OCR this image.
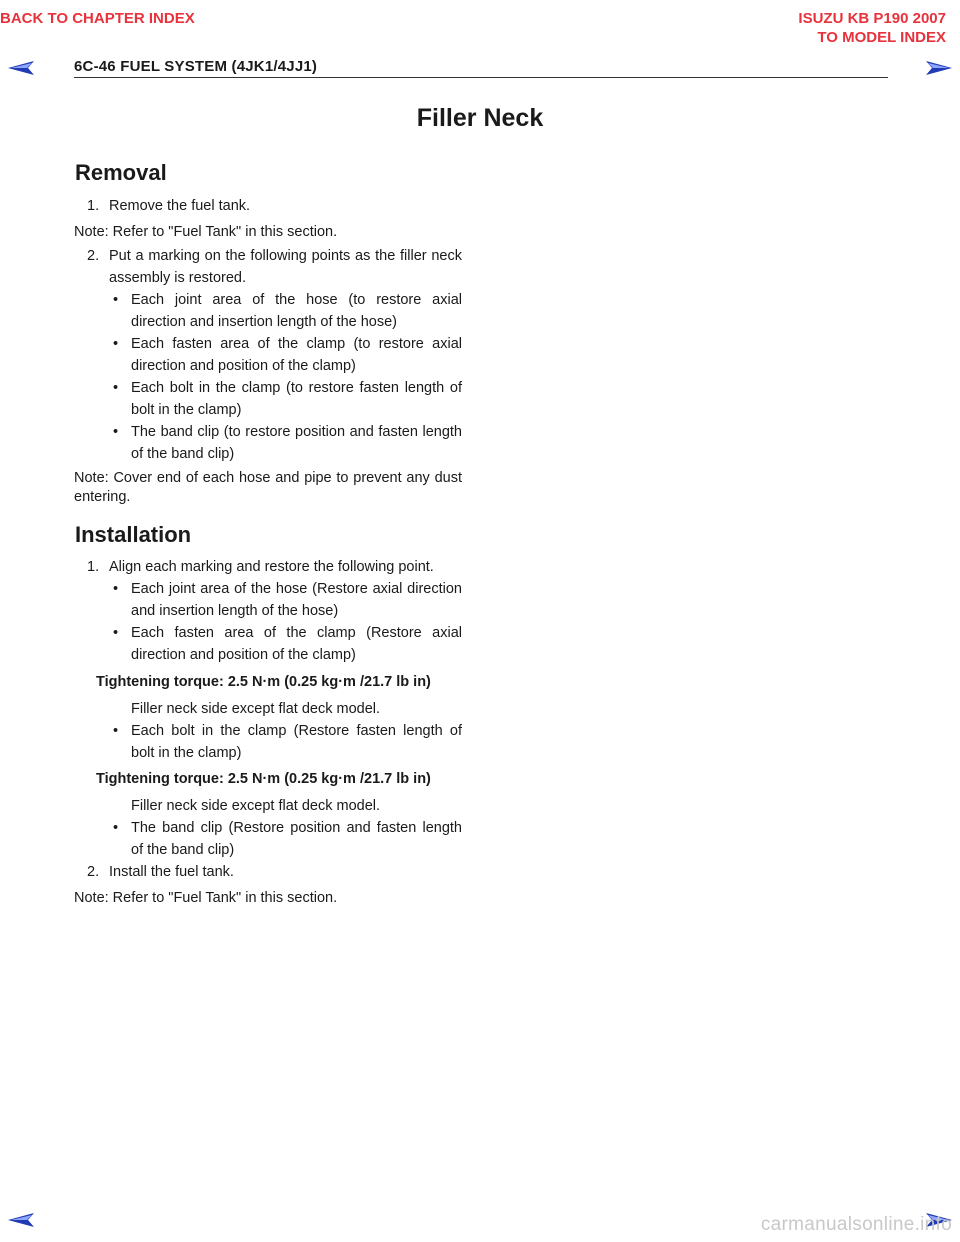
BACK TO CHAPTER INDEX	ISUZU KB P190 2007
TO MODEL INDEX
6C-46 FUEL SYSTEM (4JK1/4JJ1)
Filler Neck
Removal
1. Remove the fuel tank.
Note: Refer to "Fuel Tank" in this section.
2. Put a marking on the following points as the filler neck assembly is restored.
• Each joint area of the hose (to restore axial direction and insertion length of the hose)
• Each fasten area of the clamp (to restore axial direction and position of the clamp)
• Each bolt in the clamp (to restore fasten length of bolt in the clamp)
• The band clip (to restore position and fasten length of the band clip)
Note: Cover end of each hose and pipe to prevent any dust entering.
Installation
1. Align each marking and restore the following point.
• Each joint area of the hose (Restore axial direction and insertion length of the hose)
• Each fasten area of the clamp (Restore axial direction and position of the clamp)
Tightening torque: 2.5 N·m (0.25 kg·m /21.7 lb in)
Filler neck side except flat deck model.
• Each bolt in the clamp (Restore fasten length of bolt in the clamp)
Tightening torque: 2.5 N·m (0.25 kg·m /21.7 lb in)
Filler neck side except flat deck model.
• The band clip (Restore position and fasten length of the band clip)
2. Install the fuel tank.
Note: Refer to "Fuel Tank" in this section.
carmanualsonline.info
